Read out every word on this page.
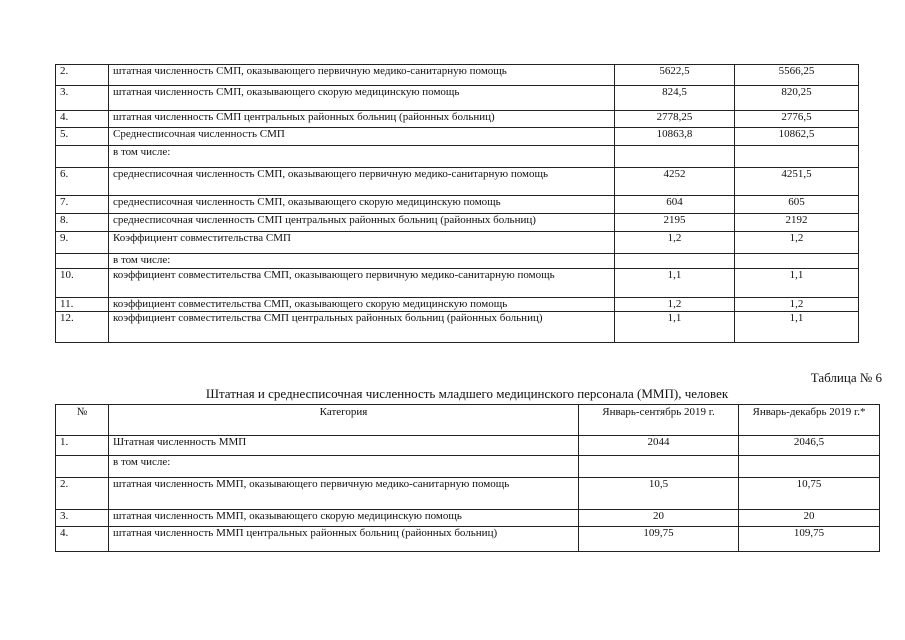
2.	штатная численность СМП, оказывающего первичную медико-санитарную помощь	5622,5	5566,25
3.	штатная численность СМП, оказывающего скорую медицинскую помощь	824,5	820,25
4.	штатная численность СМП центральных районных больниц (районных больниц)	2778,25	2776,5
5.	Среднесписочная численность СМП	10863,8	10862,5
	в том числе:		
6.	среднесписочная численность СМП, оказывающего первичную медико-санитарную помощь	4252	4251,5
7.	среднесписочная численность СМП, оказывающего скорую медицинскую помощь	604	605
8.	среднесписочная численность СМП центральных районных больниц (районных больниц)	2195	2192
9.	Коэффициент совместительства СМП	1,2	1,2
	в том числе:		
10.	коэффициент совместительства СМП, оказывающего первичную медико-санитарную помощь	1,1	1,1
11.	коэффициент совместительства СМП, оказывающего скорую медицинскую помощь	1,2	1,2
12.	коэффициент совместительства СМП центральных районных больниц (районных больниц)	1,1	1,1
Таблица № 6
Штатная и среднесписочная численность младшего медицинского персонала (ММП), человек
№	Категория	Январь-сентябрь 2019 г.	Январь-декабрь 2019 г.*
1.	Штатная численность ММП	2044	2046,5
	в том числе:		
2.	штатная численность ММП, оказывающего первичную медико-санитарную помощь	10,5	10,75
3.	штатная численность ММП, оказывающего скорую медицинскую помощь	20	20
4.	штатная численность ММП центральных районных больниц (районных больниц)	109,75	109,75
